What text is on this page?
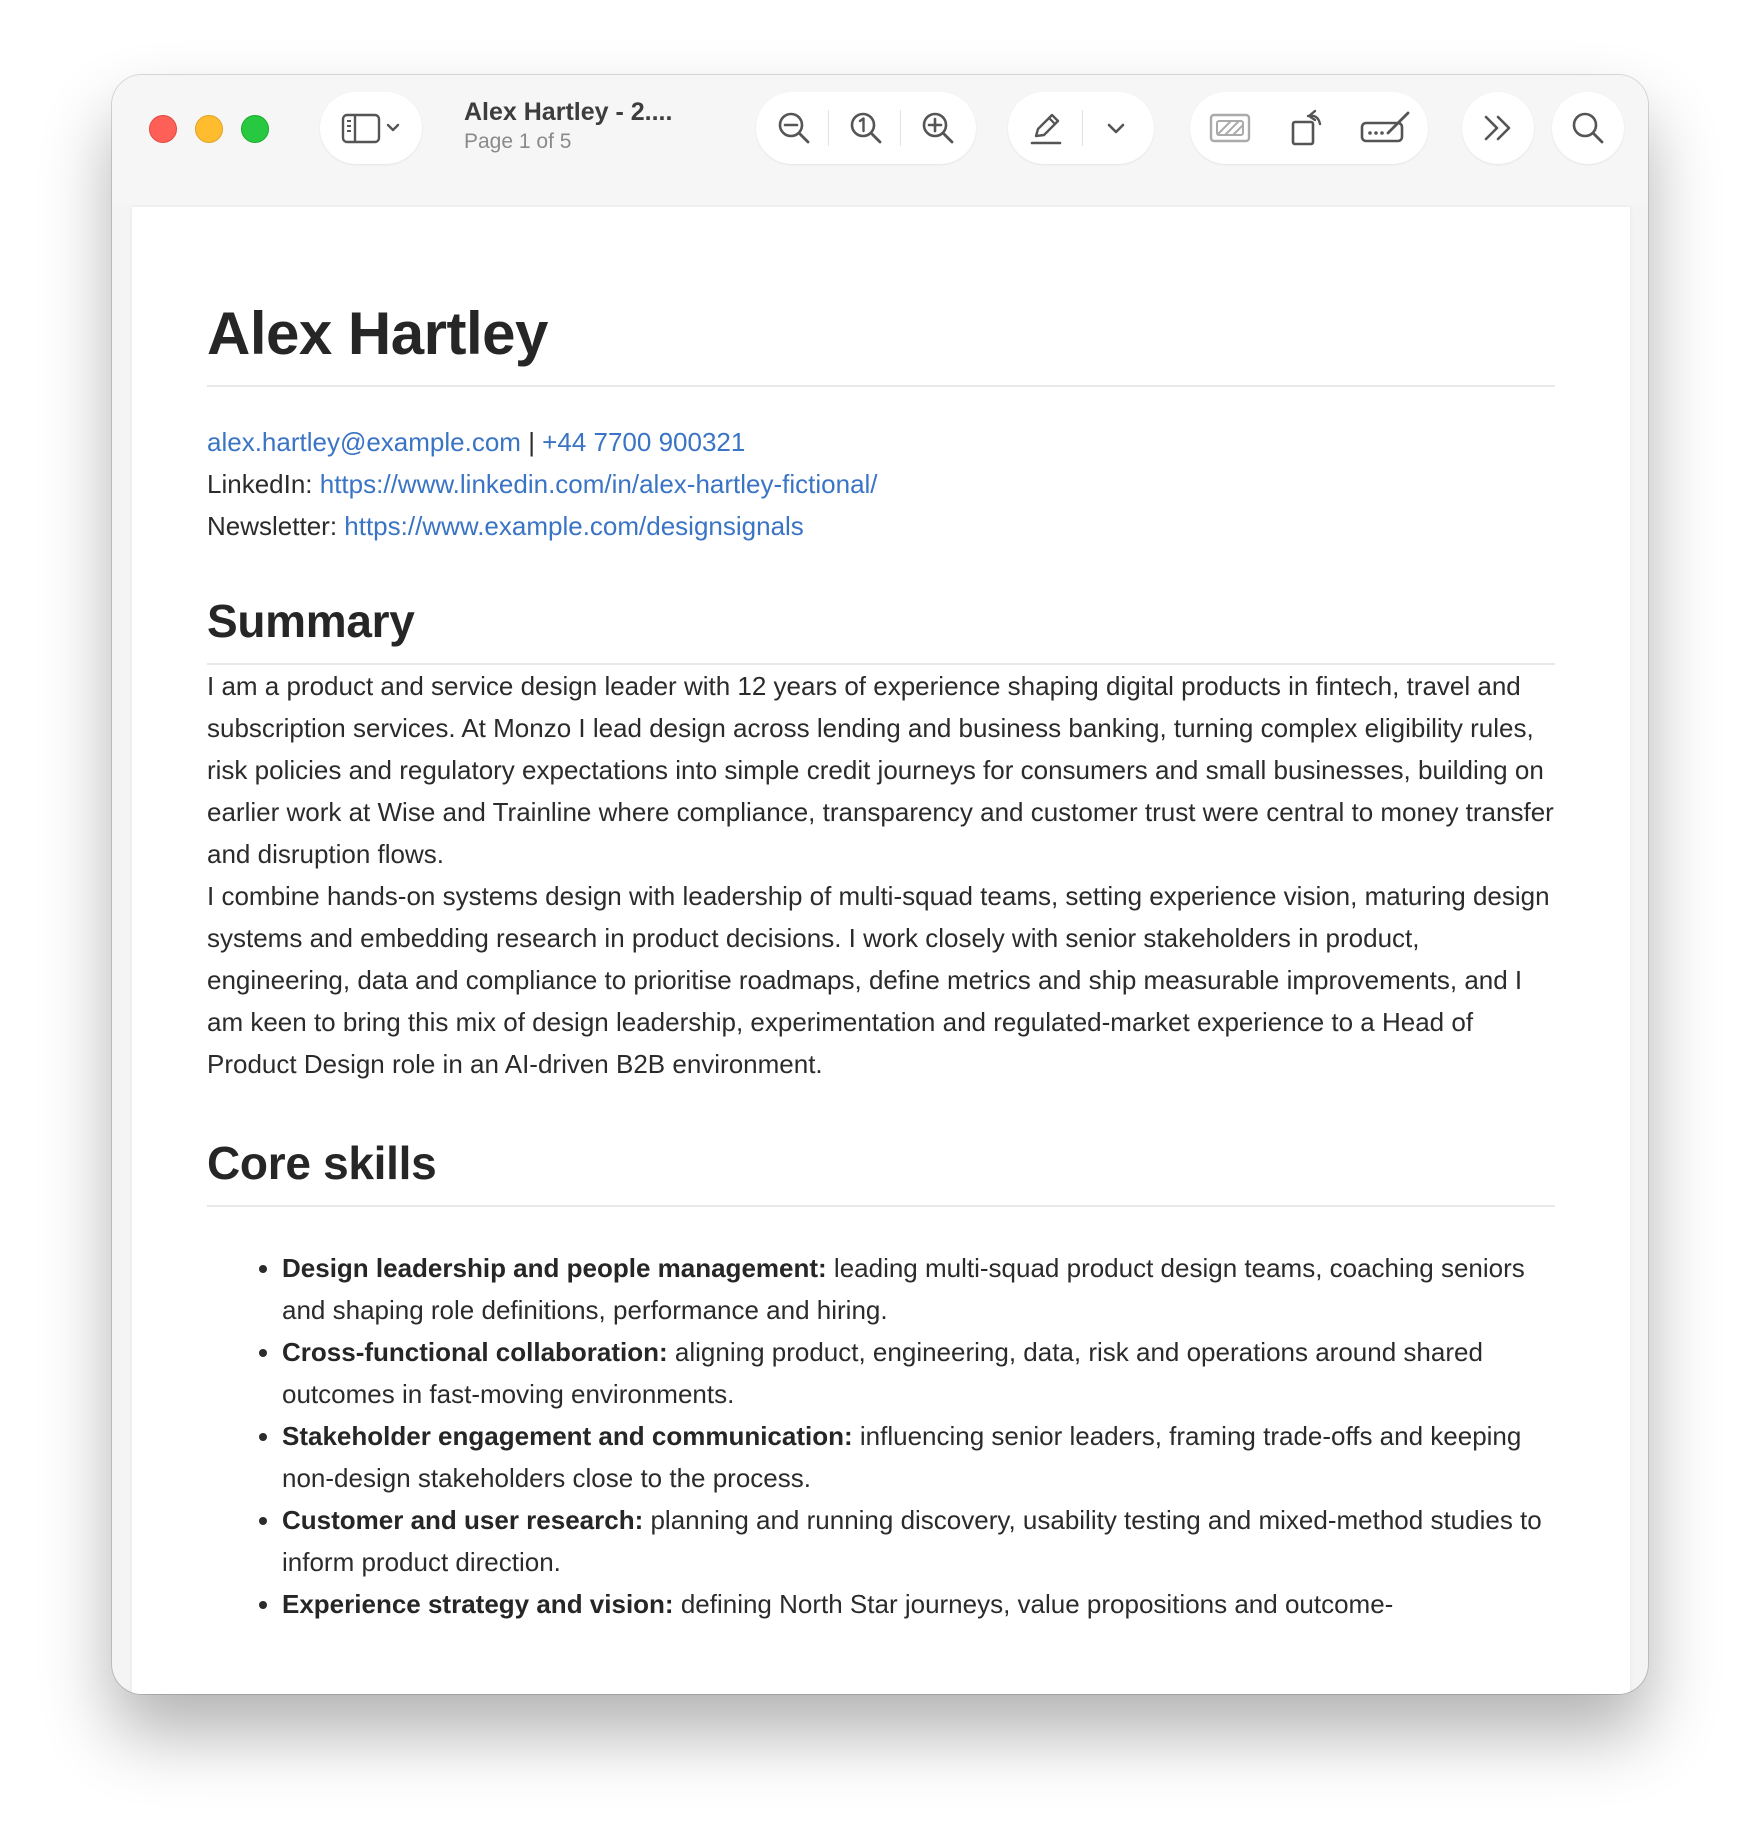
Alex Hartley - 2....
Page 1 of 5
Alex Hartley
alex.hartley@example.com | +44 7700 900321
LinkedIn: https://www.linkedin.com/in/alex-hartley-fictional/
Newsletter: https://www.example.com/designsignals
Summary

I am a product and service design leader with 12 years of experience shaping digital products in fintech, travel and subscription services. At Monzo I lead design across lending and business banking, turning complex eligibility rules, risk policies and regulatory expectations into simple credit journeys for consumers and small businesses, building on earlier work at Wise and Trainline where compliance, transparency and customer trust were central to money transfer and disruption flows.

I combine hands-on systems design with leadership of multi-squad teams, setting experience vision, maturing design systems and embedding research in product decisions. I work closely with senior stakeholders in product, engineering, data and compliance to prioritise roadmaps, define metrics and ship measurable improvements, and I am keen to bring this mix of design leadership, experimentation and regulated-market experience to a Head of Product Design role in an AI-driven B2B environment.

Core skills
• Design leadership and people management: leading multi-squad product design teams, coaching seniors and shaping role definitions, performance and hiring.
• Cross-functional collaboration: aligning product, engineering, data, risk and operations around shared outcomes in fast-moving environments.
• Stakeholder engagement and communication: influencing senior leaders, framing trade-offs and keeping non-design stakeholders close to the process.
• Customer and user research: planning and running discovery, usability testing and mixed-method studies to inform product direction.
• Experience strategy and vision: defining North Star journeys, value propositions and outcome-
